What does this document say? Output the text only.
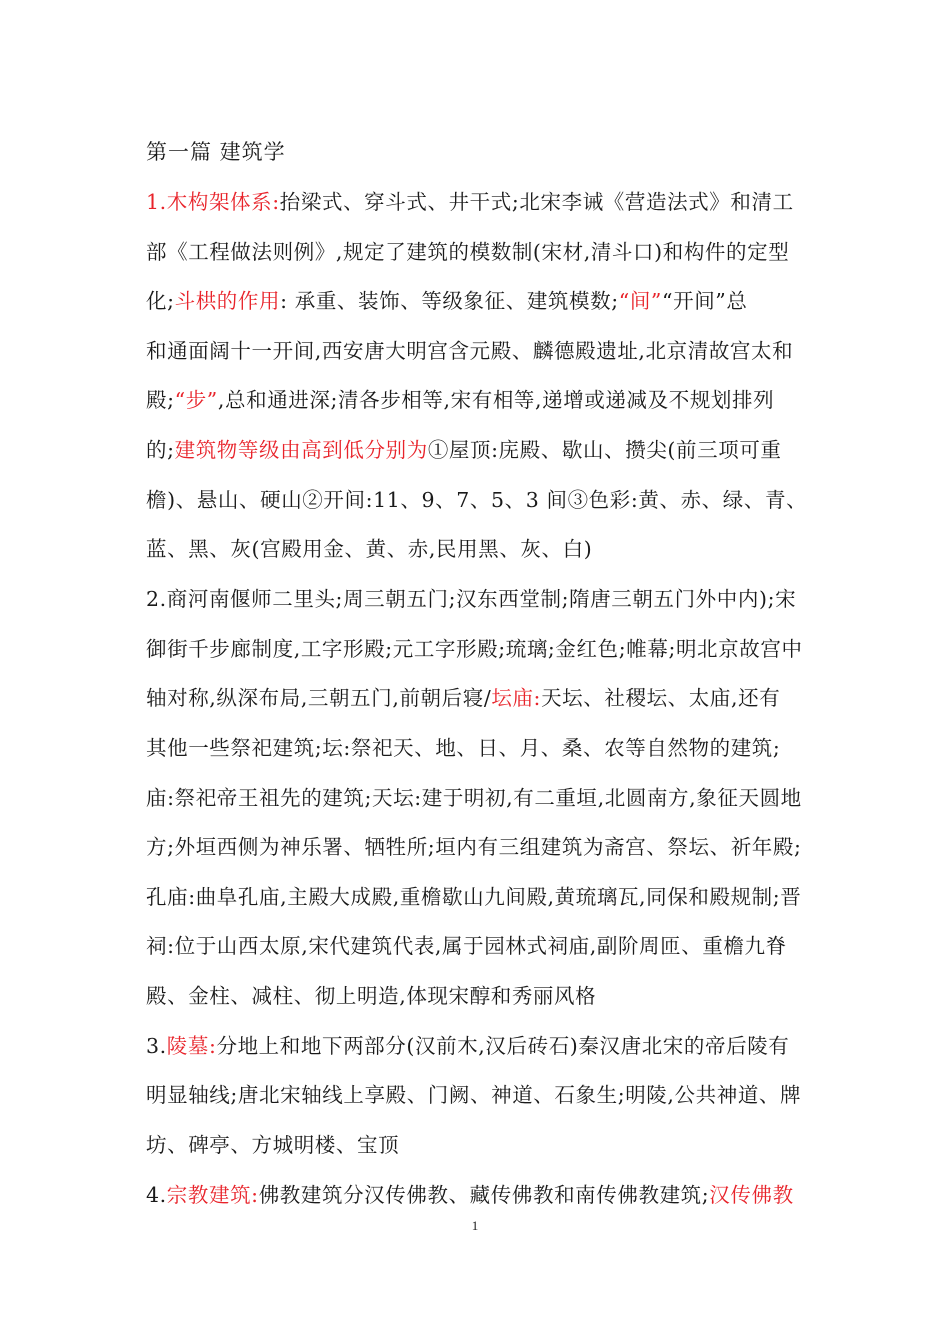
第一篇 建筑学
1.木构架体系:抬梁式、穿斗式、井干式;北宋李诫《营造法式》和清工
部《工程做法则例》,规定了建筑的模数制(宋材,清斗口)和构件的定型
化;斗栱的作用: 承重、装饰、等级象征、建筑模数;“间”“开间”总
和通面阔十一开间,西安唐大明宫含元殿、麟德殿遗址,北京清故宫太和
殿;“步”,总和通进深;清各步相等,宋有相等,递增或递减及不规划排列
的;建筑物等级由高到低分别为①屋顶:庑殿、歇山、攒尖(前三项可重
檐)、悬山、硬山②开间:11、9、7、5、3 间③色彩:黄、赤、绿、青、
蓝、黑、灰(宫殿用金、黄、赤,民用黑、灰、白)
2.商河南偃师二里头;周三朝五门;汉东西堂制;隋唐三朝五门外中内);宋
御街千步廊制度,工字形殿;元工字形殿;琉璃;金红色;帷幕;明北京故宫中
轴对称,纵深布局,三朝五门,前朝后寝/坛庙:天坛、社稷坛、太庙,还有
其他一些祭祀建筑;坛:祭祀天、地、日、月、桑、农等自然物的建筑;
庙:祭祀帝王祖先的建筑;天坛:建于明初,有二重垣,北圆南方,象征天圆地
方;外垣西侧为神乐署、牺牲所;垣内有三组建筑为斋宫、祭坛、祈年殿;
孔庙:曲阜孔庙,主殿大成殿,重檐歇山九间殿,黄琉璃瓦,同保和殿规制;晋
祠:位于山西太原,宋代建筑代表,属于园林式祠庙,副阶周匝、重檐九脊
殿、金柱、减柱、彻上明造,体现宋醇和秀丽风格
3.陵墓:分地上和地下两部分(汉前木,汉后砖石)秦汉唐北宋的帝后陵有
明显轴线;唐北宋轴线上享殿、门阙、神道、石象生;明陵,公共神道、牌
坊、碑亭、方城明楼、宝顶
4.宗教建筑:佛教建筑分汉传佛教、藏传佛教和南传佛教建筑;汉传佛教
1
